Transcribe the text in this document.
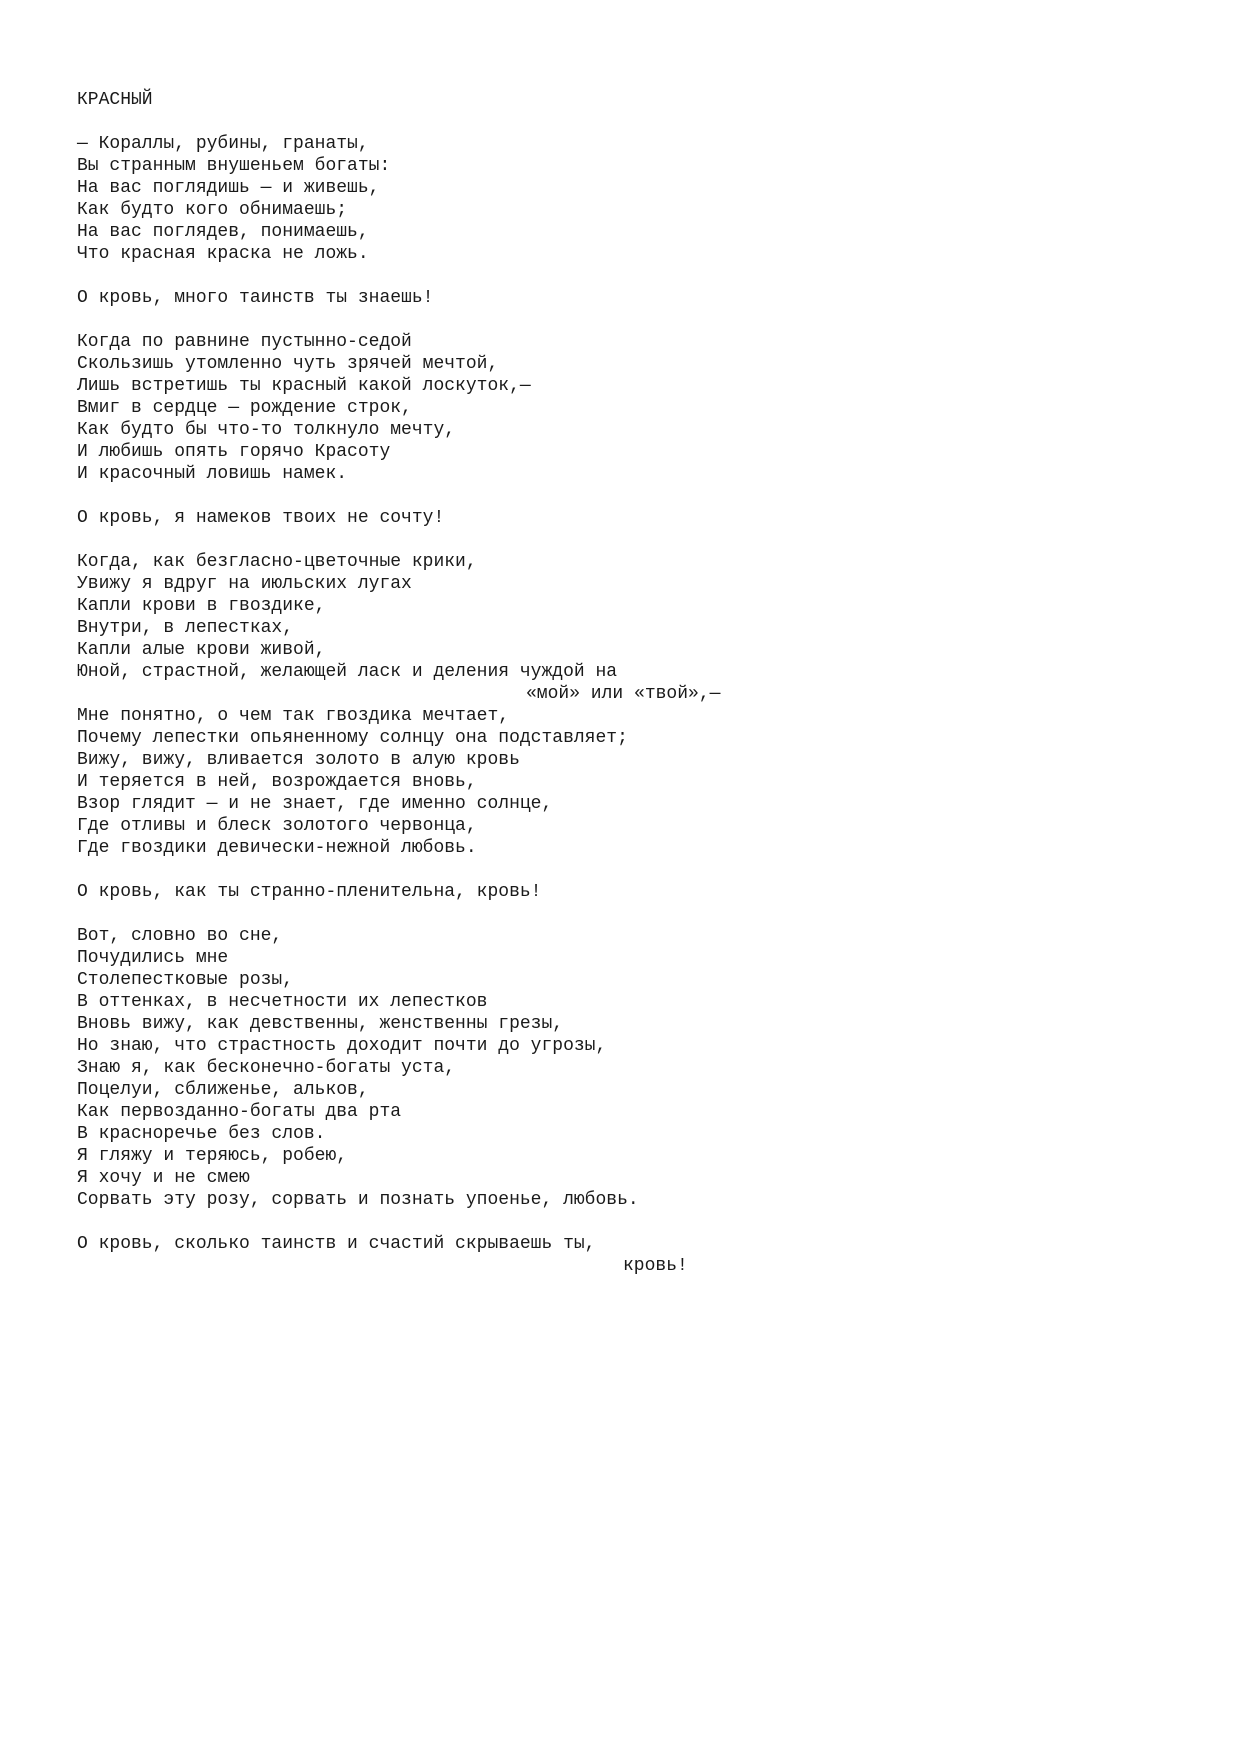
КРАСНЫЙ
— Кораллы, рубины, гранаты,
Вы странным внушеньем богаты:
На вас поглядишь — и живешь,
Как будто кого обнимаешь;
На вас поглядев, понимаешь,
Что красная краска не ложь.
О кровь, много таинств ты знаешь!
Когда по равнине пустынно-седой
Скользишь утомленно чуть зрячей мечтой,
Лишь встретишь ты красный какой лоскуток,—
Вмиг в сердце — рождение строк,
Как будто бы что-то толкнуло мечту,
И любишь опять горячо Красоту
И красочный ловишь намек.
О кровь, я намеков твоих не сочту!
Когда, как безгласно-цветочные крики,
Увижу я вдруг на июльских лугах
Капли крови в гвоздике,
Внутри, в лепестках,
Капли алые крови живой,
Юной, страстной, желающей ласк и деления чуждой на
«мой» или «твой»,—
Мне понятно, о чем так гвоздика мечтает,
Почему лепестки опьяненному солнцу она подставляет;
Вижу, вижу, вливается золото в алую кровь
И теряется в ней, возрождается вновь,
Взор глядит — и не знает, где именно солнце,
Где отливы и блеск золотого червонца,
Где гвоздики девически-нежной любовь.
О кровь, как ты странно-пленительна, кровь!
Вот, словно во сне,
Почудились мне
Столепестковые розы,
В оттенках, в несчетности их лепестков
Вновь вижу, как девственны, женственны грезы,
Но знаю, что страстность доходит почти до угрозы,
Знаю я, как бесконечно-богаты уста,
Поцелуи, сближенье, альков,
Как первозданно-богаты два рта
В красноречье без слов.
Я гляжу и теряюсь, робею,
Я хочу и не смею
Сорвать эту розу, сорвать и познать упоенье, любовь.
О кровь, сколько таинств и счастий скрываешь ты,
кровь!
